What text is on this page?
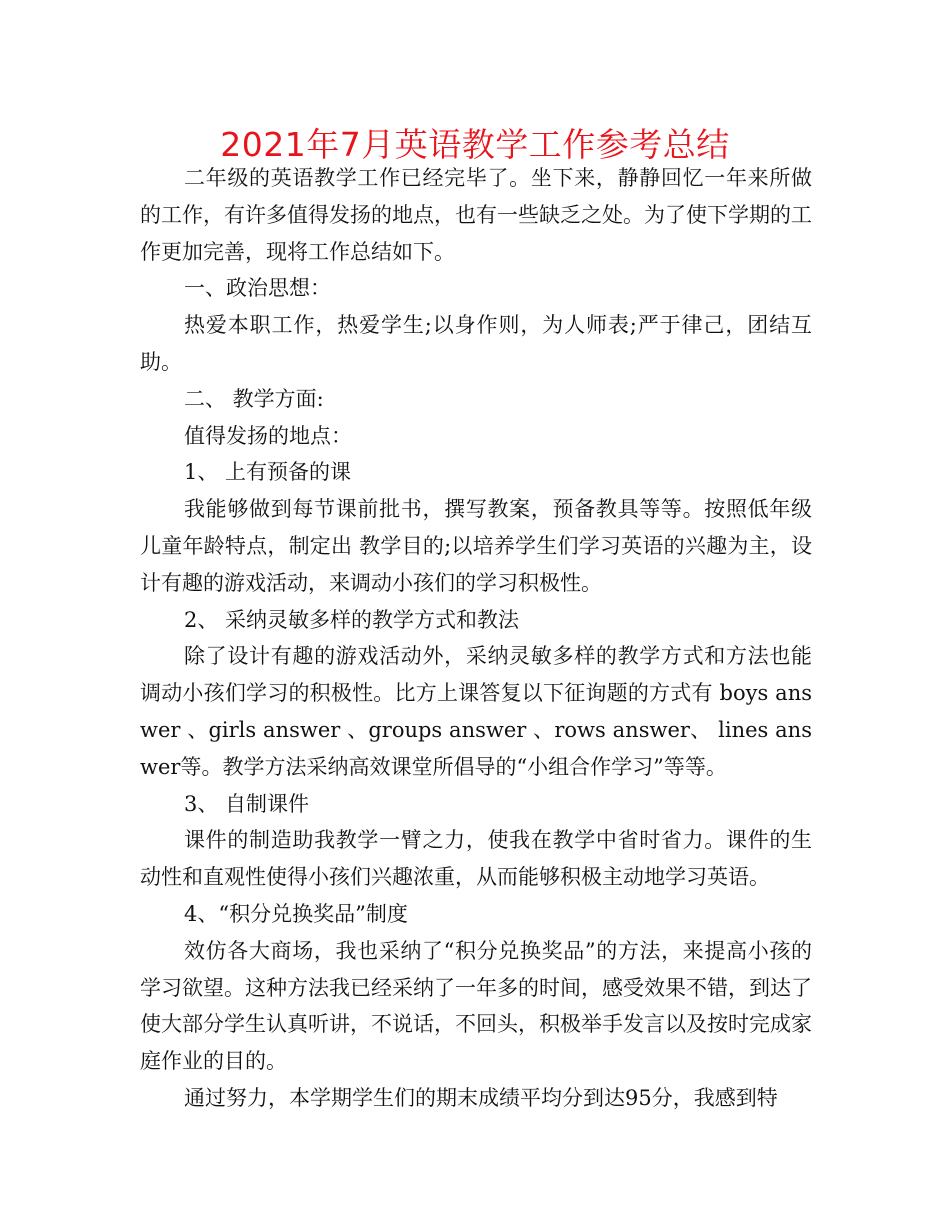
2021年7月英语教学工作参考总结

二年级的英语教学工作已经完毕了。坐下来，静静回忆一年来所做的工作，有许多值得发扬的地点，也有一些缺乏之处。为了使下学期的工作更加完善，现将工作总结如下。

一、政治思想：

热爱本职工作，热爱学生;以身作则，为人师表;严于律己，团结互助。

二、 教学方面:

值得发扬的地点：

1、 上有预备的课

我能够做到每节课前批书，撰写教案，预备教具等等。按照低年级儿童年龄特点，制定出 教学目的;以培养学生们学习英语的兴趣为主，设计有趣的游戏活动，来调动小孩们的学习积极性。

2、 采纳灵敏多样的教学方式和教法

除了设计有趣的游戏活动外，采纳灵敏多样的教学方式和方法也能调动小孩们学习的积极性。比方上课答复以下征询题的方式有 boys answer 、girls answer 、groups answer 、rows answer、 lines answer等。教学方法采纳高效课堂所倡导的“小组合作学习”等等。

3、 自制课件

课件的制造助我教学一臂之力，使我在教学中省时省力。课件的生动性和直观性使得小孩们兴趣浓重，从而能够积极主动地学习英语。

4、“积分兑换奖品”制度

效仿各大商场，我也采纳了“积分兑换奖品”的方法，来提高小孩的学习欲望。这种方法我已经采纳了一年多的时间，感受效果不错，到达了使大部分学生认真听讲，不说话，不回头，积极举手发言以及按时完成家庭作业的目的。

通过努力，本学期学生们的期末成绩平均分到达95分，我感到特
